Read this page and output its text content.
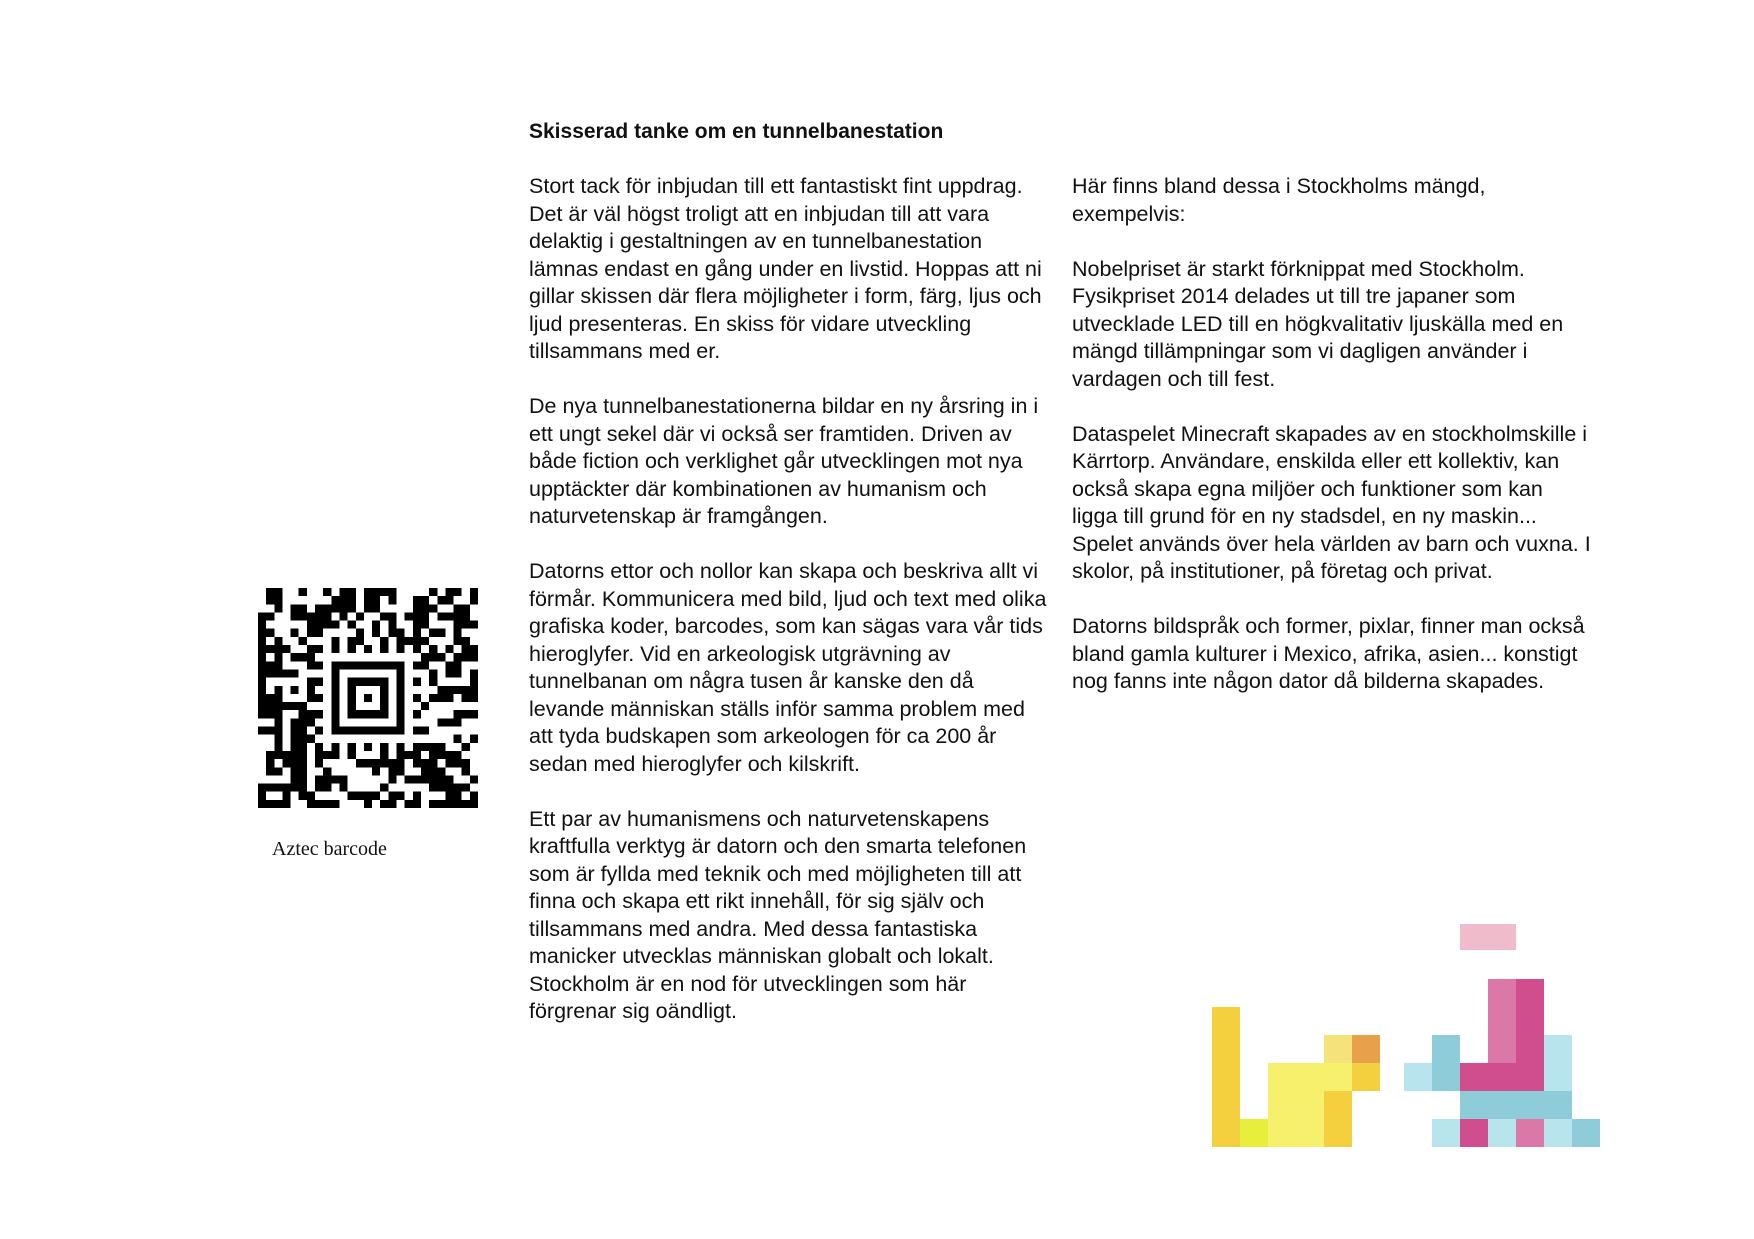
Skisserad tanke om en tunnelbanestation

Stort tack för inbjudan till ett fantastiskt fint uppdrag. Det är väl högst troligt att en inbjudan till att vara delaktig i gestaltningen av en tunnelbanestation lämnas endast en gång under en livstid. Hoppas att ni gillar skissen där flera möjligheter i form, färg, ljus och ljud presenteras. En skiss för vidare utveckling tillsammans med er.

De nya tunnelbanestationerna bildar en ny årsring in i ett ungt sekel där vi också ser framtiden. Driven av både fiction och verklighet går utvecklingen mot nya upptäckter där kombinationen av humanism och naturvetenskap är framgången.

Datorns ettor och nollor kan skapa och beskriva allt vi förmår. Kommunicera med bild, ljud och text med olika grafiska koder, barcodes, som kan sägas vara vår tids hieroglyfer. Vid en arkeologisk utgrävning av tunnelbanan om några tusen år kanske den då levande människan ställs inför samma problem med att tyda budskapen som arkeologen för ca 200 år sedan med hieroglyfer och kilskrift.

Ett par av humanismens och naturvetenskapens kraftfulla verktyg är datorn och den smarta telefonen som är fyllda med teknik och med möjligheten till att finna och skapa ett rikt innehåll, för sig själv och tillsammans med andra. Med dessa fantastiska manicker utvecklas människan globalt och lokalt. Stockholm är en nod för utvecklingen som här förgrenar sig oändligt.

Här finns bland dessa i Stockholms mängd, exempelvis:

Nobelpriset är starkt förknippat med Stockholm. Fysikpriset 2014 delades ut till tre japaner som utvecklade LED till en högkvalitativ ljuskälla med en mängd tillämpningar som vi dagligen använder i vardagen och till fest.

Dataspelet Minecraft skapades av en stockholmskille i Kärrtorp. Användare, enskilda eller ett kollektiv, kan också skapa egna miljöer och funktioner som kan ligga till grund för en ny stadsdel, en ny maskin... Spelet används över hela världen av barn och vuxna. I skolor, på institutioner, på företag och privat.

Datorns bildspråk och former, pixlar, finner man också bland gamla kulturer i Mexico, afrika, asien... konstigt nog fanns inte någon dator då bilderna skapades.

Aztec barcode
